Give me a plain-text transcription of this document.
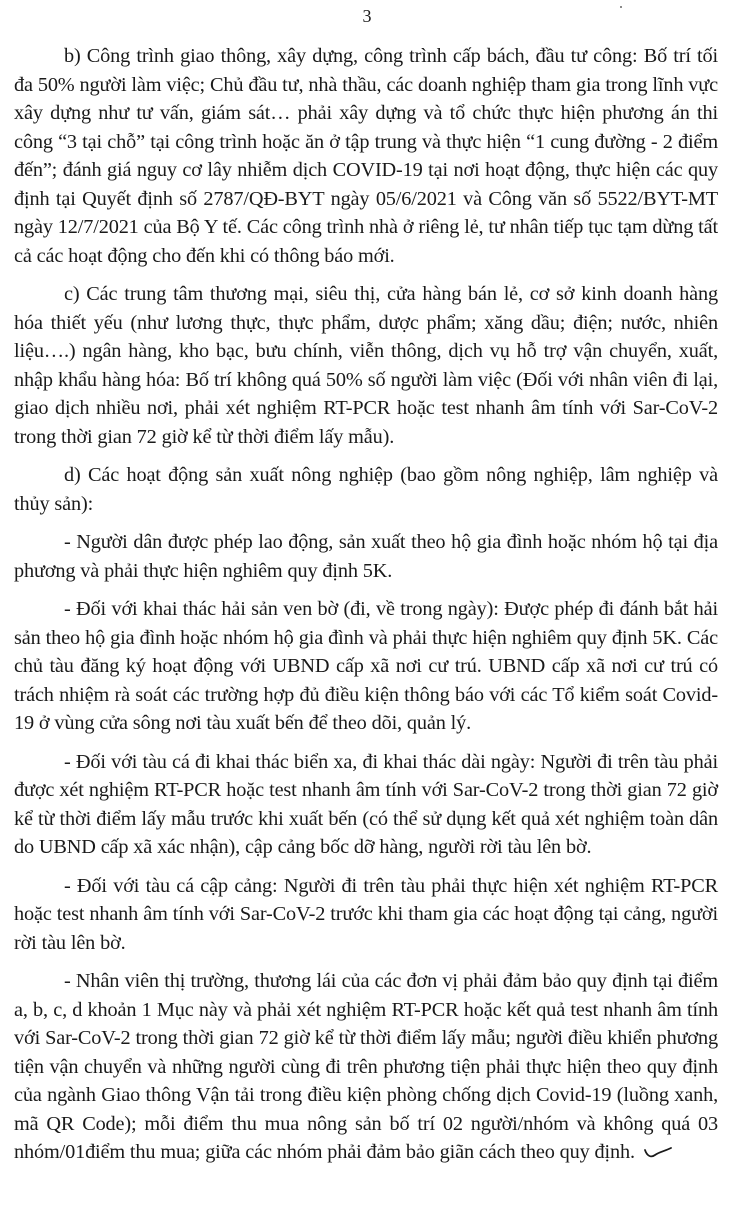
3

b) Công trình giao thông, xây dựng, công trình cấp bách, đầu tư công: Bố trí tối đa 50% người làm việc; Chủ đầu tư, nhà thầu, các doanh nghiệp tham gia trong lĩnh vực xây dựng như tư vấn, giám sát… phải xây dựng và tổ chức thực hiện phương án thi công “3 tại chỗ” tại công trình hoặc ăn ở tập trung và thực hiện “1 cung đường - 2 điểm đến”; đánh giá nguy cơ lây nhiễm dịch COVID-19 tại nơi hoạt động, thực hiện các quy định tại Quyết định số 2787/QĐ-BYT ngày 05/6/2021 và Công văn số 5522/BYT-MT ngày 12/7/2021 của Bộ Y tế. Các công trình nhà ở riêng lẻ, tư nhân tiếp tục tạm dừng tất cả các hoạt động cho đến khi có thông báo mới.

c) Các trung tâm thương mại, siêu thị, cửa hàng bán lẻ, cơ sở kinh doanh hàng hóa thiết yếu (như lương thực, thực phẩm, dược phẩm; xăng dầu; điện; nước, nhiên liệu….) ngân hàng, kho bạc, bưu chính, viễn thông, dịch vụ hỗ trợ vận chuyển, xuất, nhập khẩu hàng hóa: Bố trí không quá 50% số người làm việc (Đối với nhân viên đi lại, giao dịch nhiều nơi, phải xét nghiệm RT-PCR hoặc test nhanh âm tính với Sar-CoV-2 trong thời gian 72 giờ kể từ thời điểm lấy mẫu).

d) Các hoạt động sản xuất nông nghiệp (bao gồm nông nghiệp, lâm nghiệp và thủy sản):

- Người dân được phép lao động, sản xuất theo hộ gia đình hoặc nhóm hộ tại địa phương và phải thực hiện nghiêm quy định 5K.

- Đối với khai thác hải sản ven bờ (đi, về trong ngày): Được phép đi đánh bắt hải sản theo hộ gia đình hoặc nhóm hộ gia đình và phải thực hiện nghiêm quy định 5K. Các chủ tàu đăng ký hoạt động với UBND cấp xã nơi cư trú. UBND cấp xã nơi cư trú có trách nhiệm rà soát các trường hợp đủ điều kiện thông báo với các Tổ kiểm soát Covid-19 ở vùng cửa sông nơi tàu xuất bến để theo dõi, quản lý.

- Đối với tàu cá đi khai thác biển xa, đi khai thác dài ngày: Người đi trên tàu phải được xét nghiệm RT-PCR hoặc test nhanh âm tính với Sar-CoV-2 trong thời gian 72 giờ kể từ thời điểm lấy mẫu trước khi xuất bến (có thể sử dụng kết quả xét nghiệm toàn dân do UBND cấp xã xác nhận), cập cảng bốc dỡ hàng, người rời tàu lên bờ.

- Đối với tàu cá cập cảng: Người đi trên tàu phải thực hiện xét nghiệm RT-PCR hoặc test nhanh âm tính với Sar-CoV-2 trước khi tham gia các hoạt động tại cảng, người rời tàu lên bờ.

- Nhân viên thị trường, thương lái của các đơn vị phải đảm bảo quy định tại điểm a, b, c, d khoản 1 Mục này và phải xét nghiệm RT-PCR hoặc kết quả test nhanh âm tính với Sar-CoV-2 trong thời gian 72 giờ kể từ thời điểm lấy mẫu; người điều khiển phương tiện vận chuyển và những người cùng đi trên phương tiện phải thực hiện theo quy định của ngành Giao thông Vận tải trong điều kiện phòng chống dịch Covid-19 (luồng xanh, mã QR Code); mỗi điểm thu mua nông sản bố trí 02 người/nhóm và không quá 03 nhóm/01điểm thu mua; giữa các nhóm phải đảm bảo giãn cách theo quy định.
